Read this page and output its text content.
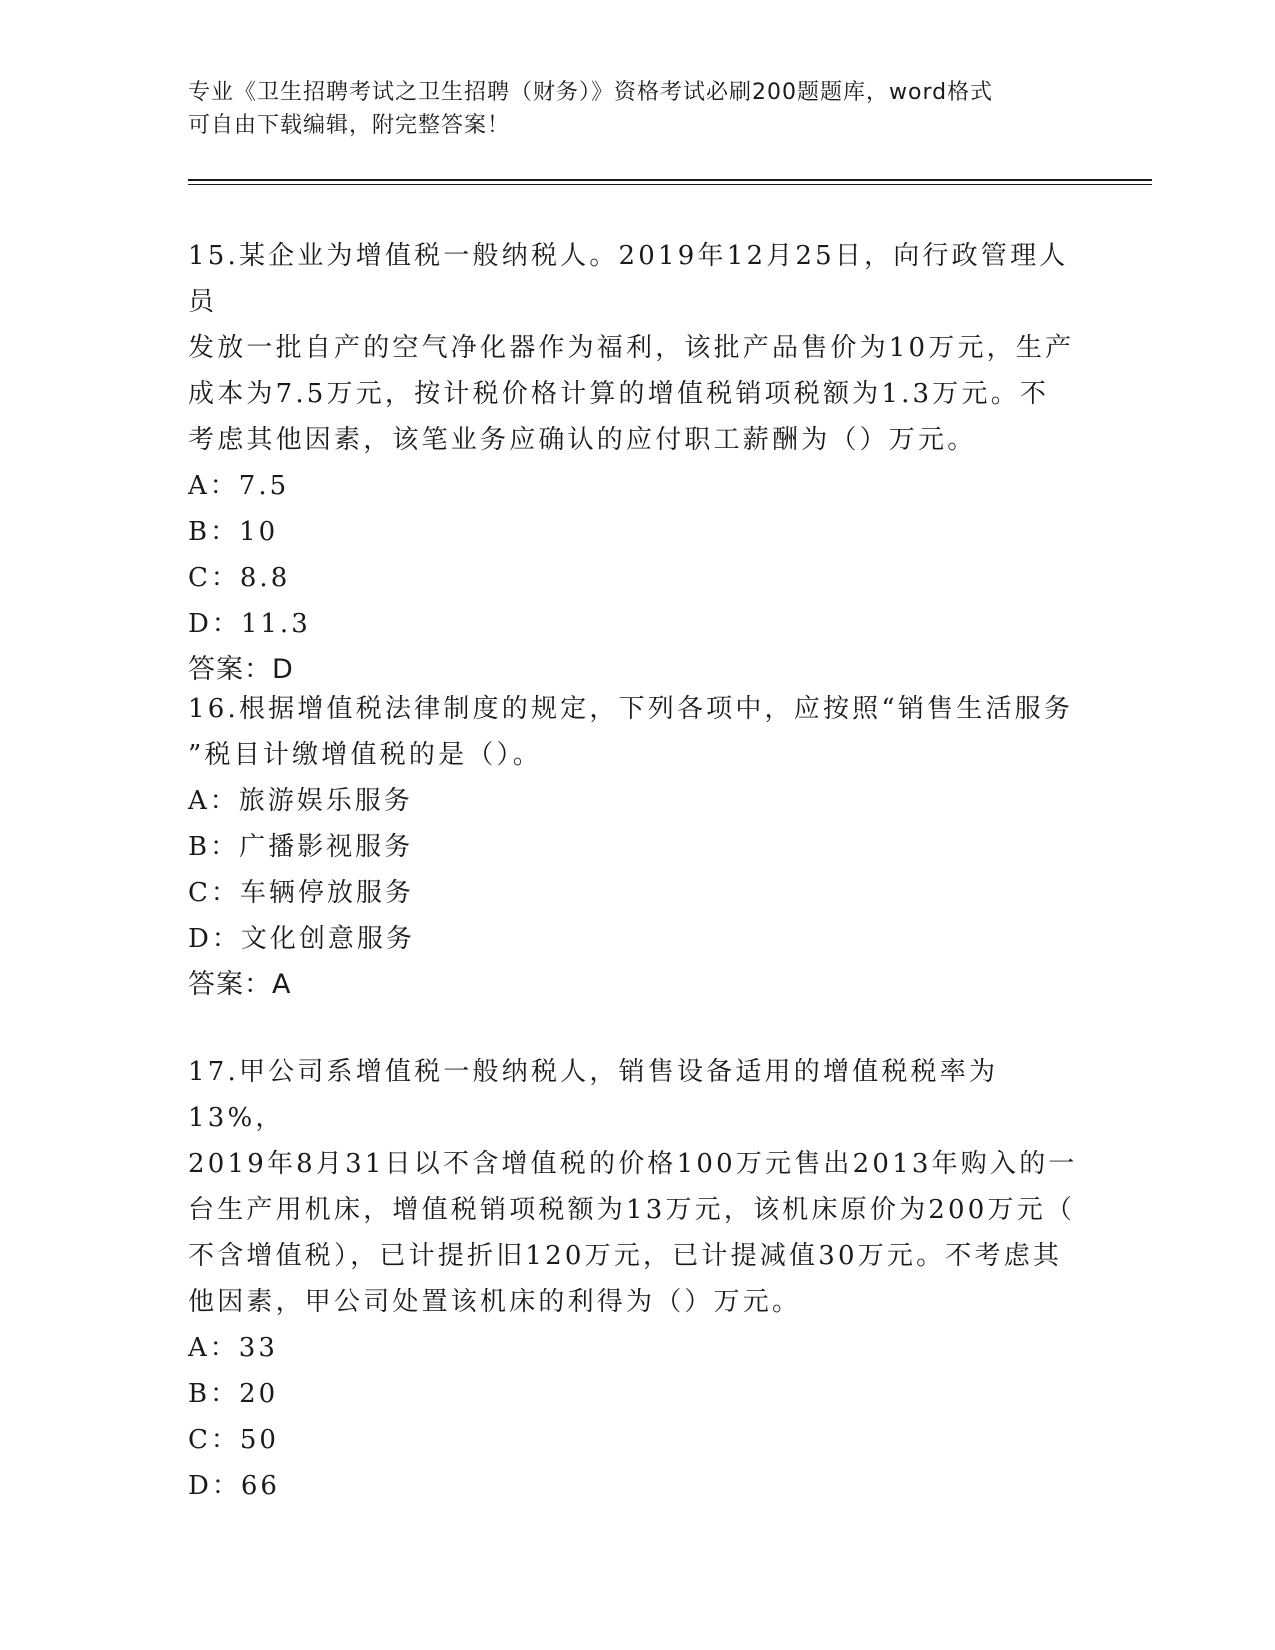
专业《卫生招聘考试之卫生招聘（财务）》资格考试必刷200题题库，word格式
可自由下载编辑，附完整答案！

15.某企业为增值税一般纳税人。2019年12月25日，向行政管理人员

发放一批自产的空气净化器作为福利，该批产品售价为10万元，生产

成本为7.5万元，按计税价格计算的增值税销项税额为1.3万元。不

考虑其他因素，该笔业务应确认的应付职工薪酬为（）万元。

A：7.5

B：10

C：8.8

D：11.3

答案：D

16.根据增值税法律制度的规定，下列各项中，应按照“销售生活服务

”税目计缴增值税的是（）。

A：旅游娱乐服务

B：广播影视服务

C：车辆停放服务

D：文化创意服务

答案：A

17.甲公司系增值税一般纳税人，销售设备适用的增值税税率为13%，

2019年8月31日以不含增值税的价格100万元售出2013年购入的一

台生产用机床，增值税销项税额为13万元，该机床原价为200万元（

不含增值税），已计提折旧120万元，已计提减值30万元。不考虑其

他因素，甲公司处置该机床的利得为（）万元。

A：33

B：20

C：50

D：66
